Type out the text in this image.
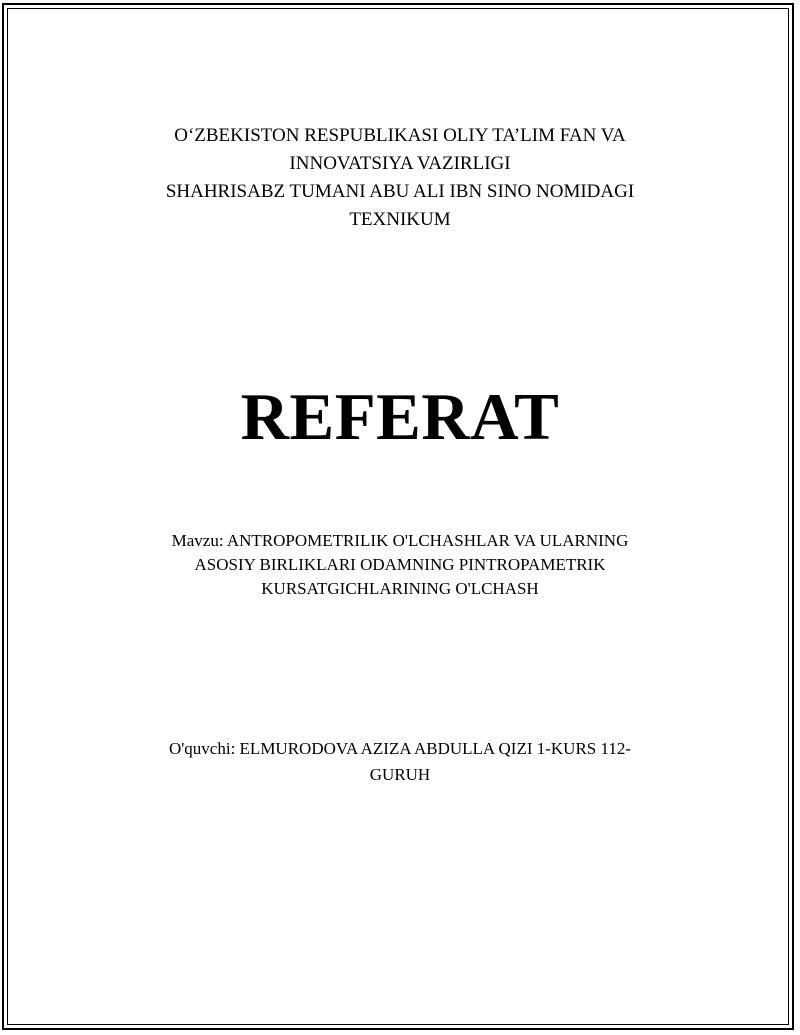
O‘ZBEKISTON RESPUBLIKASI OLIY TA’LIM FAN VA
INNOVATSIYA VAZIRLIGI
SHAHRISABZ TUMANI ABU ALI IBN SINO NOMIDAGI
TEXNIKUM
REFERAT
Mavzu: ANTROPOMETRILIK O'LCHASHLAR VA ULARNING
ASOSIY BIRLIKLARI ODAMNING PINTROPAMETRIK
KURSATGICHLARINING O'LCHASH
O'quvchi: ELMURODOVA AZIZA ABDULLA QIZI 1-KURS 112-
GURUH
